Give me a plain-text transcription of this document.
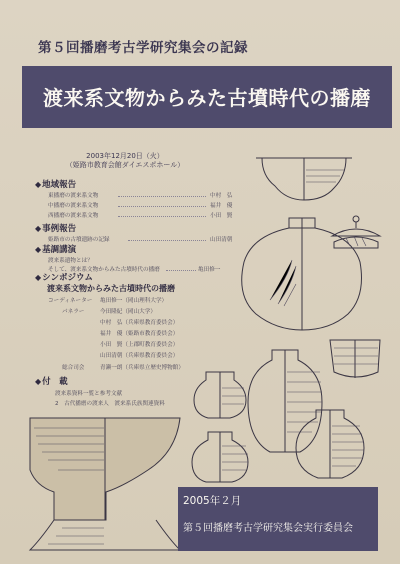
第５回播磨考古学研究集会の記録
渡来系文物からみた古墳時代の播磨
2003年12月20日（火）
（姫路市教育会館ダイエスポホール）
◆地域報告
東播磨の渡来系文物	中村　弘
中播磨の渡来系文物	福井　優
西播磨の渡来系文物	小田　賢
◆事例報告
姫路市の古墳遺跡の記録	山田清朝
◆基調講演
渡来系遺物とは？
そして、渡来系文物からみた古墳時代の播磨	亀田修一
◆シンポジウム
渡来系文物からみた古墳時代の播磨
コーディネーター 亀田修一（岡山理科大学）
パネラー	今田隆紀（岡山大学）
中村　弘（兵庫県教育委員会）
福井　優（姫路市教育委員会）
小田　賢（上郡町教育委員会）
山田清朝（兵庫県教育委員会）
総合司会	青瀬一朗（兵庫県立歴史博物館）
◆付　載
渡来系資料一覧と参考文献
2　古代播磨の渡来人　渡来系氏族関連資料
2005年２月
第５回播磨考古学研究集会実行委員会
